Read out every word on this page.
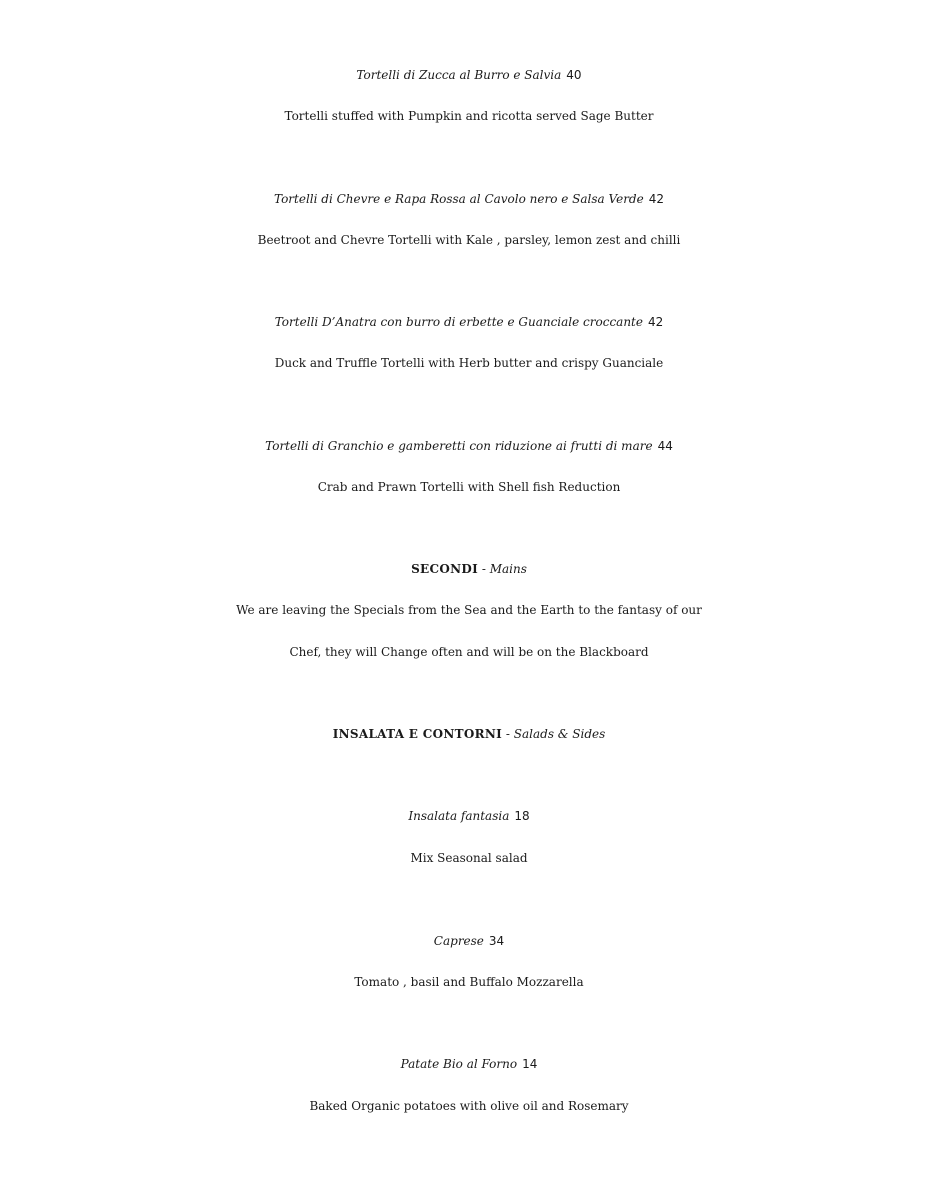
Tortelli di Zucca al Burro e Salvia 40
Tortelli stuffed with Pumpkin and ricotta served Sage Butter
Tortelli di Chevre e Rapa Rossa al Cavolo nero e Salsa Verde 42
Beetroot and Chevre Tortelli with Kale , parsley, lemon zest and chilli
Tortelli D’Anatra con burro di erbette e Guanciale croccante 42
Duck and Truffle Tortelli with Herb butter and crispy Guanciale
Tortelli di Granchio e gamberetti con riduzione ai frutti di mare 44
Crab and Prawn Tortelli with Shell fish Reduction
SECONDI - Mains
We are leaving the Specials from the Sea and the Earth to the fantasy of our
Chef, they will Change often and will be on the Blackboard
INSALATA E CONTORNI - Salads & Sides
Insalata fantasia 18
Mix Seasonal salad
Caprese 34
Tomato , basil and Buffalo Mozzarella
Patate Bio al Forno 14
Baked Organic potatoes with olive oil and Rosemary
